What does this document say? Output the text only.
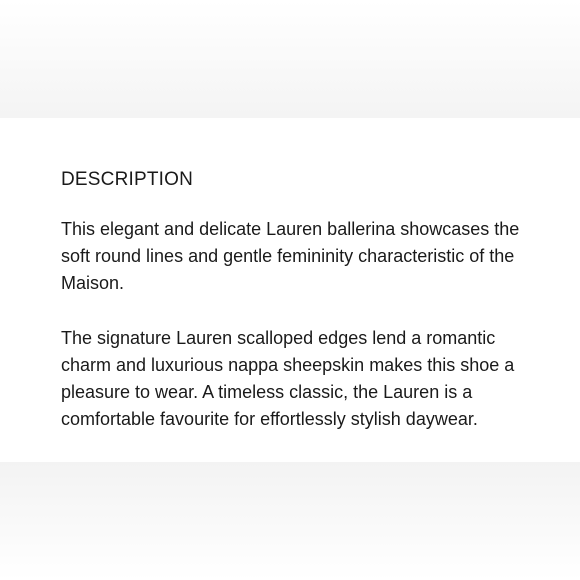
DESCRIPTION

This elegant and delicate Lauren ballerina showcases the soft round lines and gentle femininity characteristic of the Maison.

The signature Lauren scalloped edges lend a romantic charm and luxurious nappa sheepskin makes this shoe a pleasure to wear. A timeless classic, the Lauren is a comfortable favourite for effortlessly stylish daywear.
